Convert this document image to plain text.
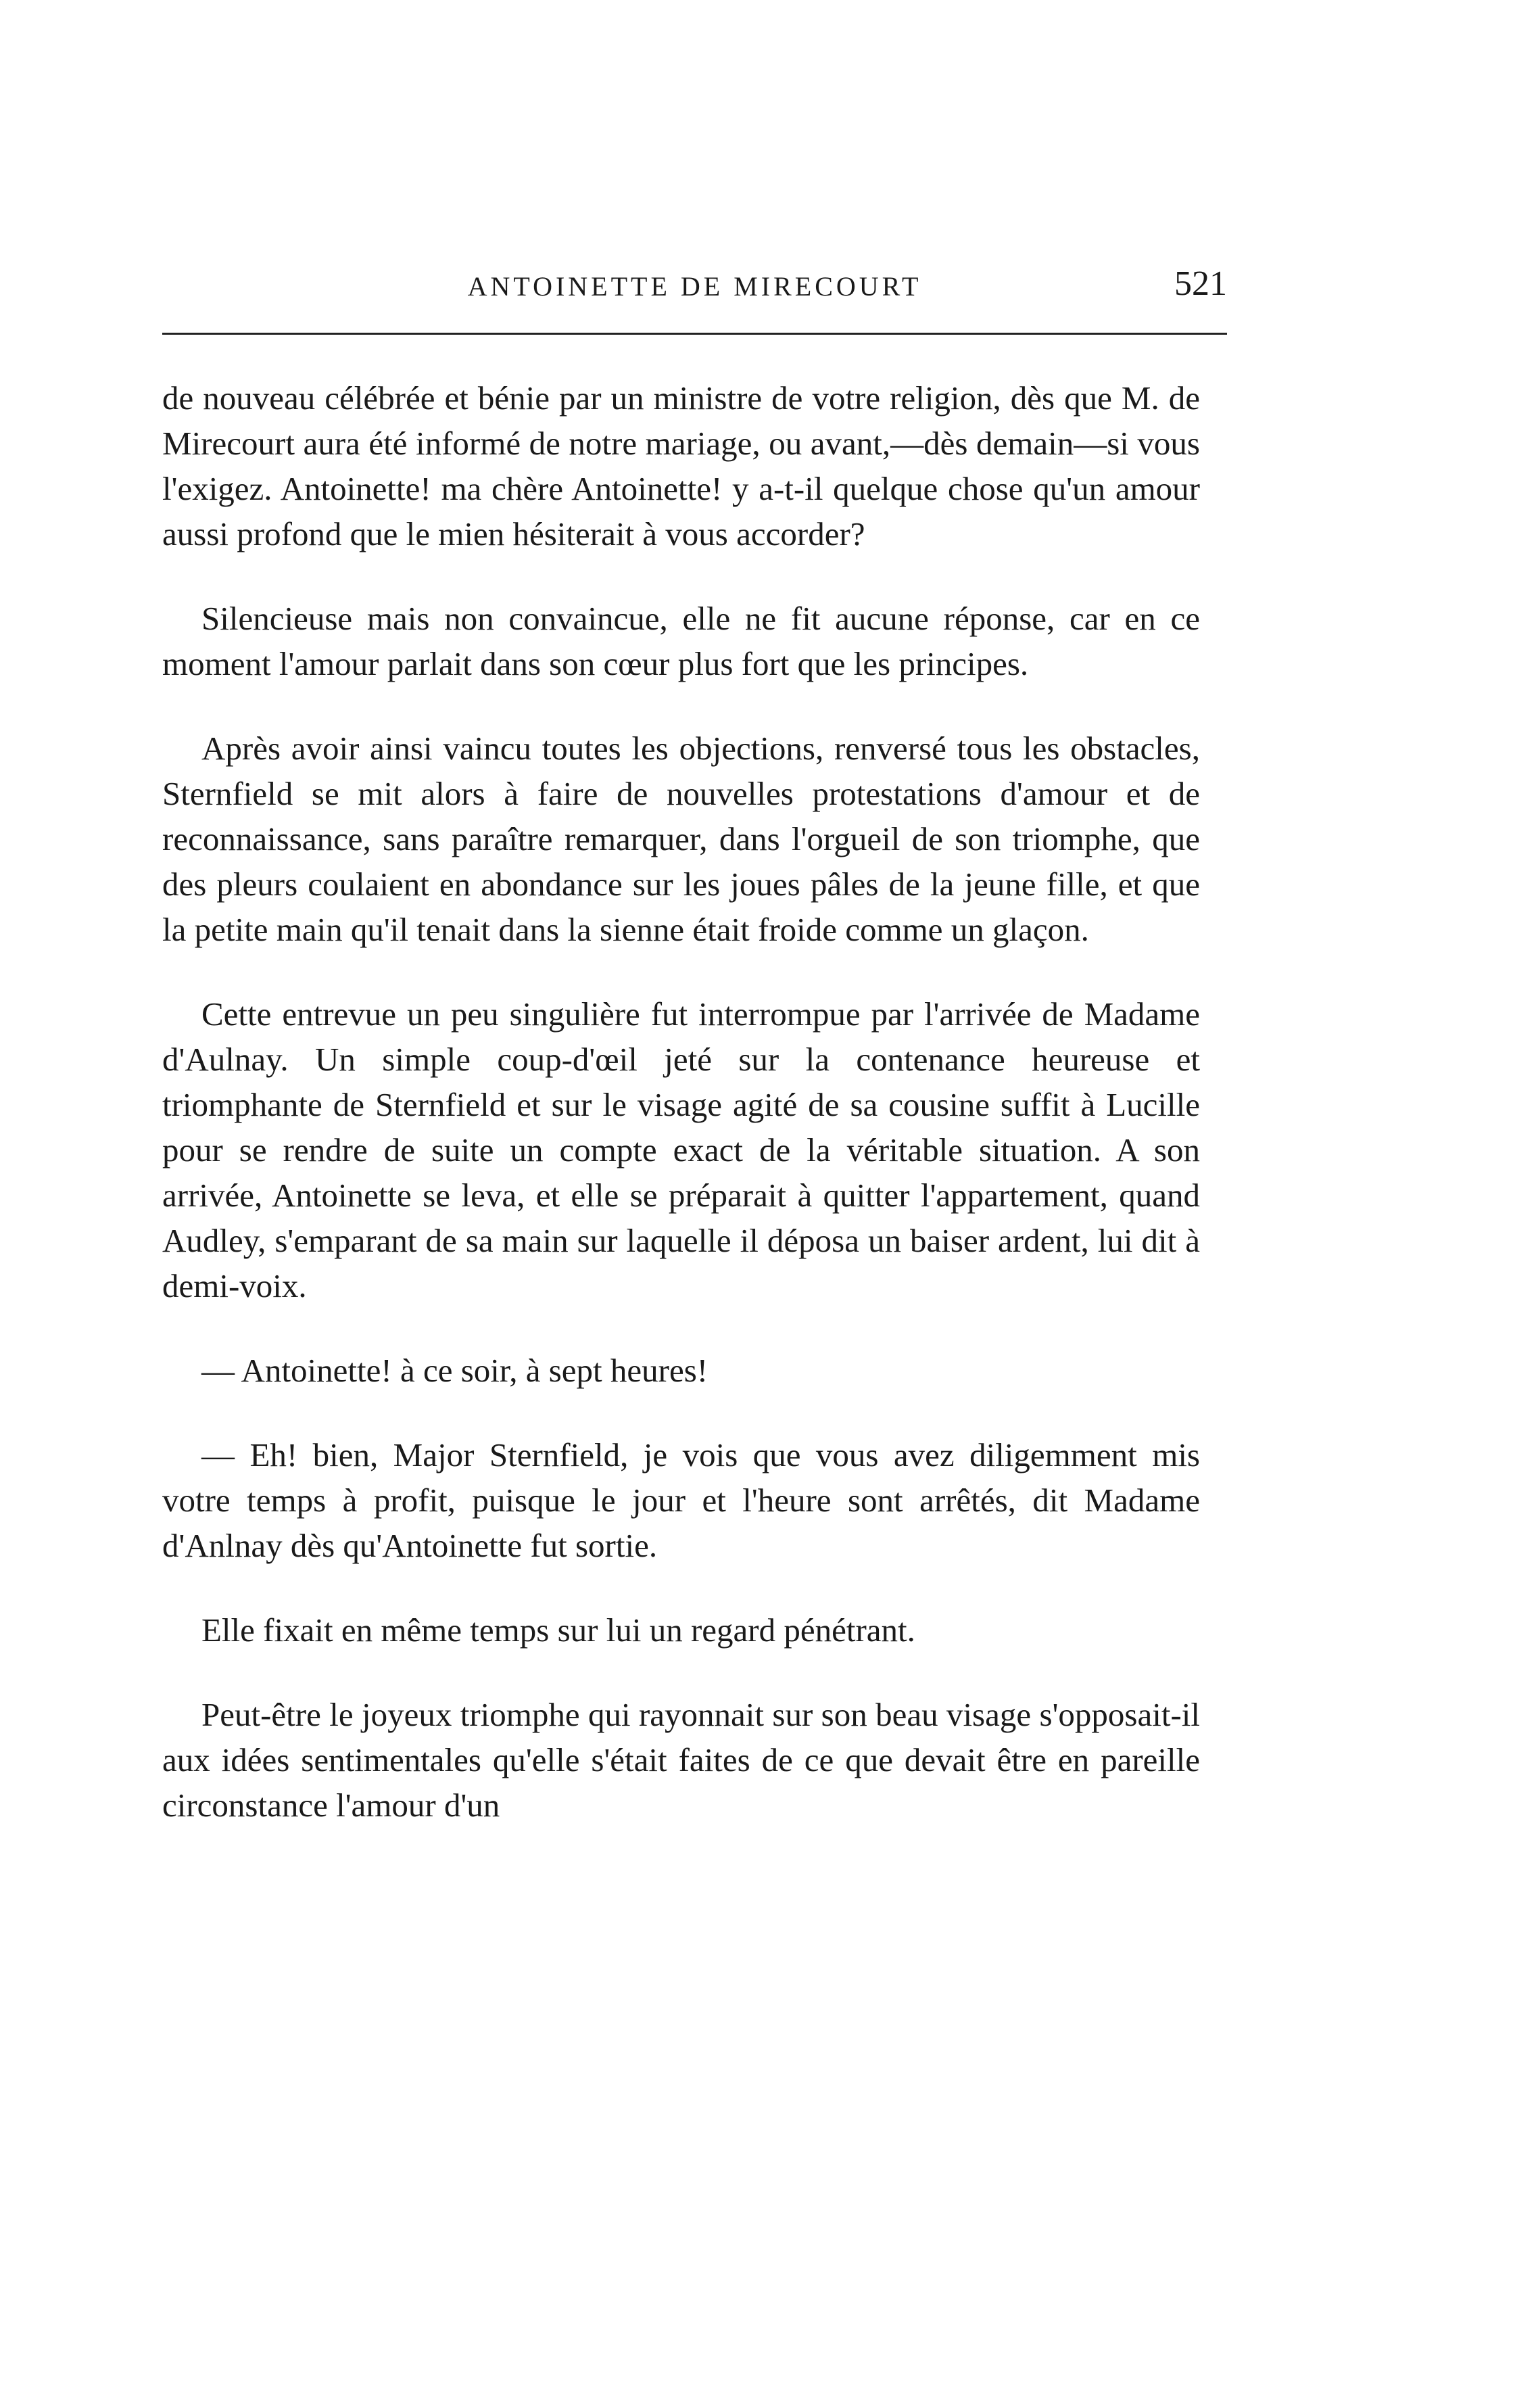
ANTOINETTE DE MIRECOURT	521

de nouveau célébrée et bénie par un ministre de votre religion, dès que M. de Mirecourt aura été informé de notre mariage, ou avant,—dès demain—si vous l'exigez. Antoinette! ma chère Antoinette! y a-t-il quelque chose qu'un amour aussi profond que le mien hésiterait à vous accorder?

Silencieuse mais non convaincue, elle ne fit aucune réponse, car en ce moment l'amour parlait dans son cœur plus fort que les principes.

Après avoir ainsi vaincu toutes les objections, renversé tous les obstacles, Sternfield se mit alors à faire de nouvelles protestations d'amour et de reconnaissance, sans paraître remarquer, dans l'orgueil de son triomphe, que des pleurs coulaient en abondance sur les joues pâles de la jeune fille, et que la petite main qu'il tenait dans la sienne était froide comme un glaçon.

Cette entrevue un peu singulière fut interrompue par l'arrivée de Madame d'Aulnay. Un simple coup-d'œil jeté sur la contenance heureuse et triomphante de Sternfield et sur le visage agité de sa cousine suffit à Lucille pour se rendre de suite un compte exact de la véritable situation. A son arrivée, Antoinette se leva, et elle se préparait à quitter l'appartement, quand Audley, s'emparant de sa main sur laquelle il déposa un baiser ardent, lui dit à demi-voix.

— Antoinette! à ce soir, à sept heures!

— Eh! bien, Major Sternfield, je vois que vous avez diligemment mis votre temps à profit, puisque le jour et l'heure sont arrêtés, dit Madame d'Anlnay dès qu'Antoinette fut sortie.

Elle fixait en même temps sur lui un regard pénétrant.

Peut-être le joyeux triomphe qui rayonnait sur son beau visage s'opposait-il aux idées sentimentales qu'elle s'était faites de ce que devait être en pareille circonstance l'amour d'un
